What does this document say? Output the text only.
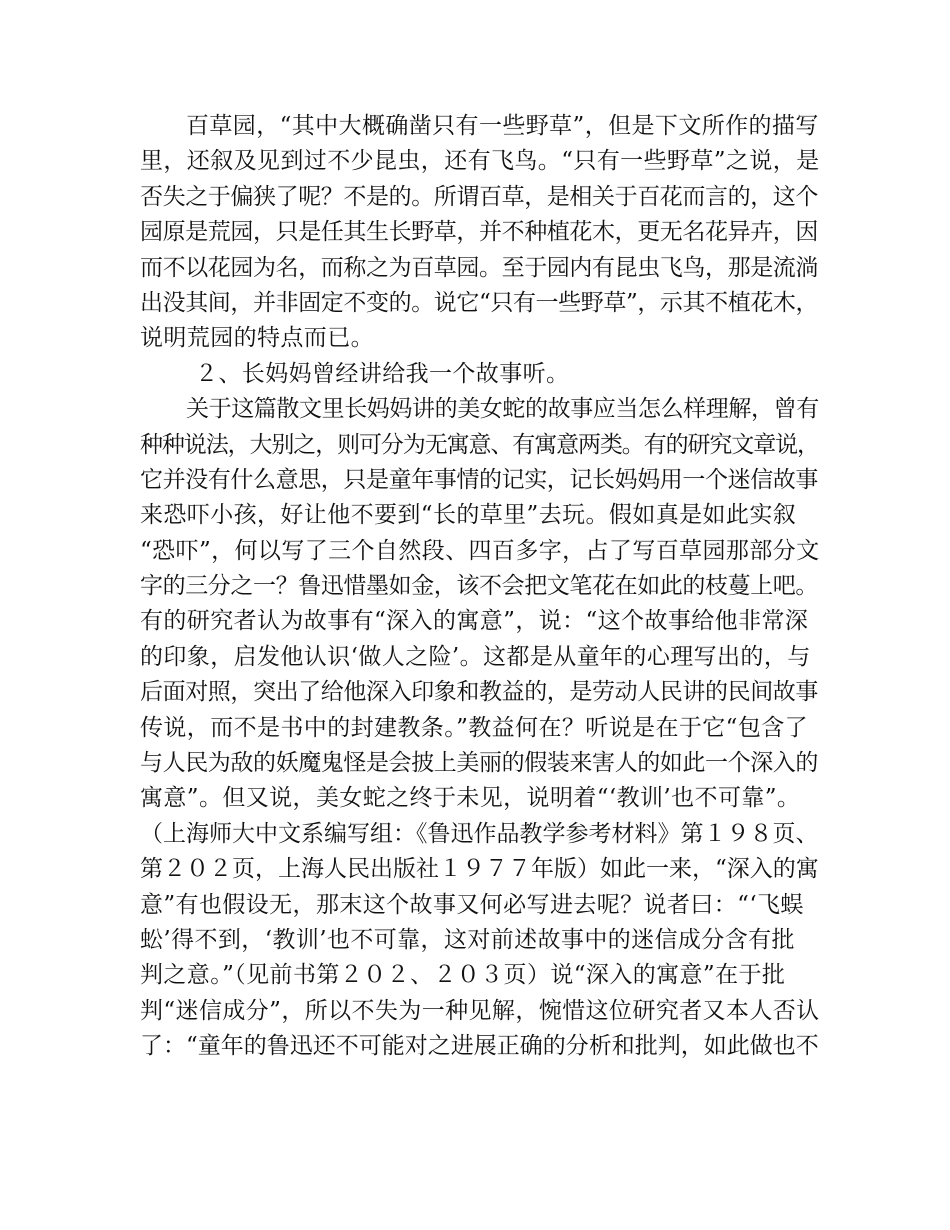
百草园，“其中大概确凿只有一些野草”，但是下文所作的描写
里，还叙及见到过不少昆虫，还有飞鸟。“只有一些野草”之说，是
否失之于偏狭了呢？不是的。所谓百草，是相关于百花而言的，这个
园原是荒园，只是任其生长野草，并不种植花木，更无名花异卉，因
而不以花园为名，而称之为百草园。至于园内有昆虫飞鸟，那是流淌
出没其间，并非固定不变的。说它“只有一些野草”，示其不植花木，
说明荒园的特点而已。
２、长妈妈曾经讲给我一个故事听。
关于这篇散文里长妈妈讲的美女蛇的故事应当怎么样理解，曾有
种种说法，大别之，则可分为无寓意、有寓意两类。有的研究文章说，
它并没有什么意思，只是童年事情的记实，记长妈妈用一个迷信故事
来恐吓小孩，好让他不要到“长的草里”去玩。假如真是如此实叙
“恐吓”，何以写了三个自然段、四百多字，占了写百草园那部分文
字的三分之一？鲁迅惜墨如金，该不会把文笔花在如此的枝蔓上吧。
有的研究者认为故事有“深入的寓意”，说：“这个故事给他非常深
的印象，启发他认识‘做人之险’。这都是从童年的心理写出的，与
后面对照，突出了给他深入印象和教益的，是劳动人民讲的民间故事
传说，而不是书中的封建教条。”教益何在？听说是在于它“包含了
与人民为敌的妖魔鬼怪是会披上美丽的假装来害人的如此一个深入的
寓意”。但又说，美女蛇之终于未见，说明着“‘教训’也不可靠”。
（上海师大中文系编写组：《鲁迅作品教学参考材料》第１９８页、
第２０２页，上海人民出版社１９７７年版）如此一来，“深入的寓
意”有也假设无，那末这个故事又何必写进去呢？说者曰：“‘飞蜈
蚣’得不到，‘教训’也不可靠，这对前述故事中的迷信成分含有批
判之意。”（见前书第２０２、２０３页）说“深入的寓意”在于批
判“迷信成分”，所以不失为一种见解，惋惜这位研究者又本人否认
了：“童年的鲁迅还不可能对之进展正确的分析和批判，如此做也不
